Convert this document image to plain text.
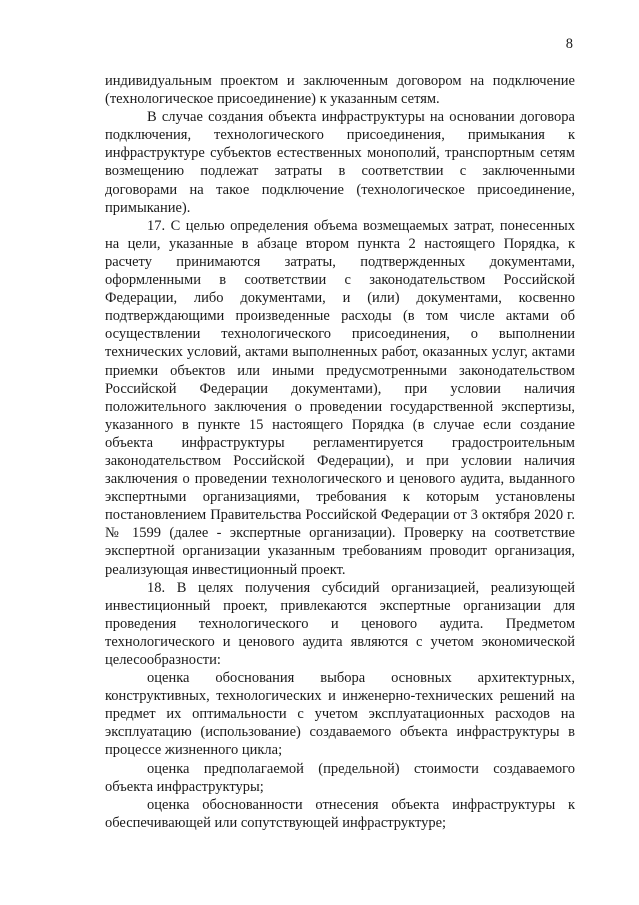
8

индивидуальным проектом и заключенным договором на подключение (технологическое присоединение) к указанным сетям.

В случае создания объекта инфраструктуры на основании договора подключения, технологического присоединения, примыкания к инфраструктуре субъектов естественных монополий, транспортным сетям возмещению подлежат затраты в соответствии с заключенными договорами на такое подключение (технологическое присоединение, примыкание).

17. С целью определения объема возмещаемых затрат, понесенных на цели, указанные в абзаце втором пункта 2 настоящего Порядка, к расчету принимаются затраты, подтвержденных документами, оформленными в соответствии с законодательством Российской Федерации, либо документами, и (или) документами, косвенно подтверждающими произведенные расходы (в том числе актами об осуществлении технологического присоединения, о выполнении технических условий, актами выполненных работ, оказанных услуг, актами приемки объектов или иными предусмотренными законодательством Российской Федерации документами), при условии наличия положительного заключения о проведении государственной экспертизы, указанного в пункте 15 настоящего Порядка (в случае если создание объекта инфраструктуры регламентируется градостроительным законодательством Российской Федерации), и при условии наличия заключения о проведении технологического и ценового аудита, выданного экспертными организациями, требования к которым установлены постановлением Правительства Российской Федерации от 3 октября 2020 г. № 1599 (далее - экспертные организации). Проверку на соответствие экспертной организации указанным требованиям проводит организация, реализующая инвестиционный проект.

18. В целях получения субсидий организацией, реализующей инвестиционный проект, привлекаются экспертные организации для проведения технологического и ценового аудита. Предметом технологического и ценового аудита являются с учетом экономической целесообразности:

оценка обоснования выбора основных архитектурных, конструктивных, технологических и инженерно-технических решений на предмет их оптимальности с учетом эксплуатационных расходов на эксплуатацию (использование) создаваемого объекта инфраструктуры в процессе жизненного цикла;

оценка предполагаемой (предельной) стоимости создаваемого объекта инфраструктуры;

оценка обоснованности отнесения объекта инфраструктуры к обеспечивающей или сопутствующей инфраструктуре;
